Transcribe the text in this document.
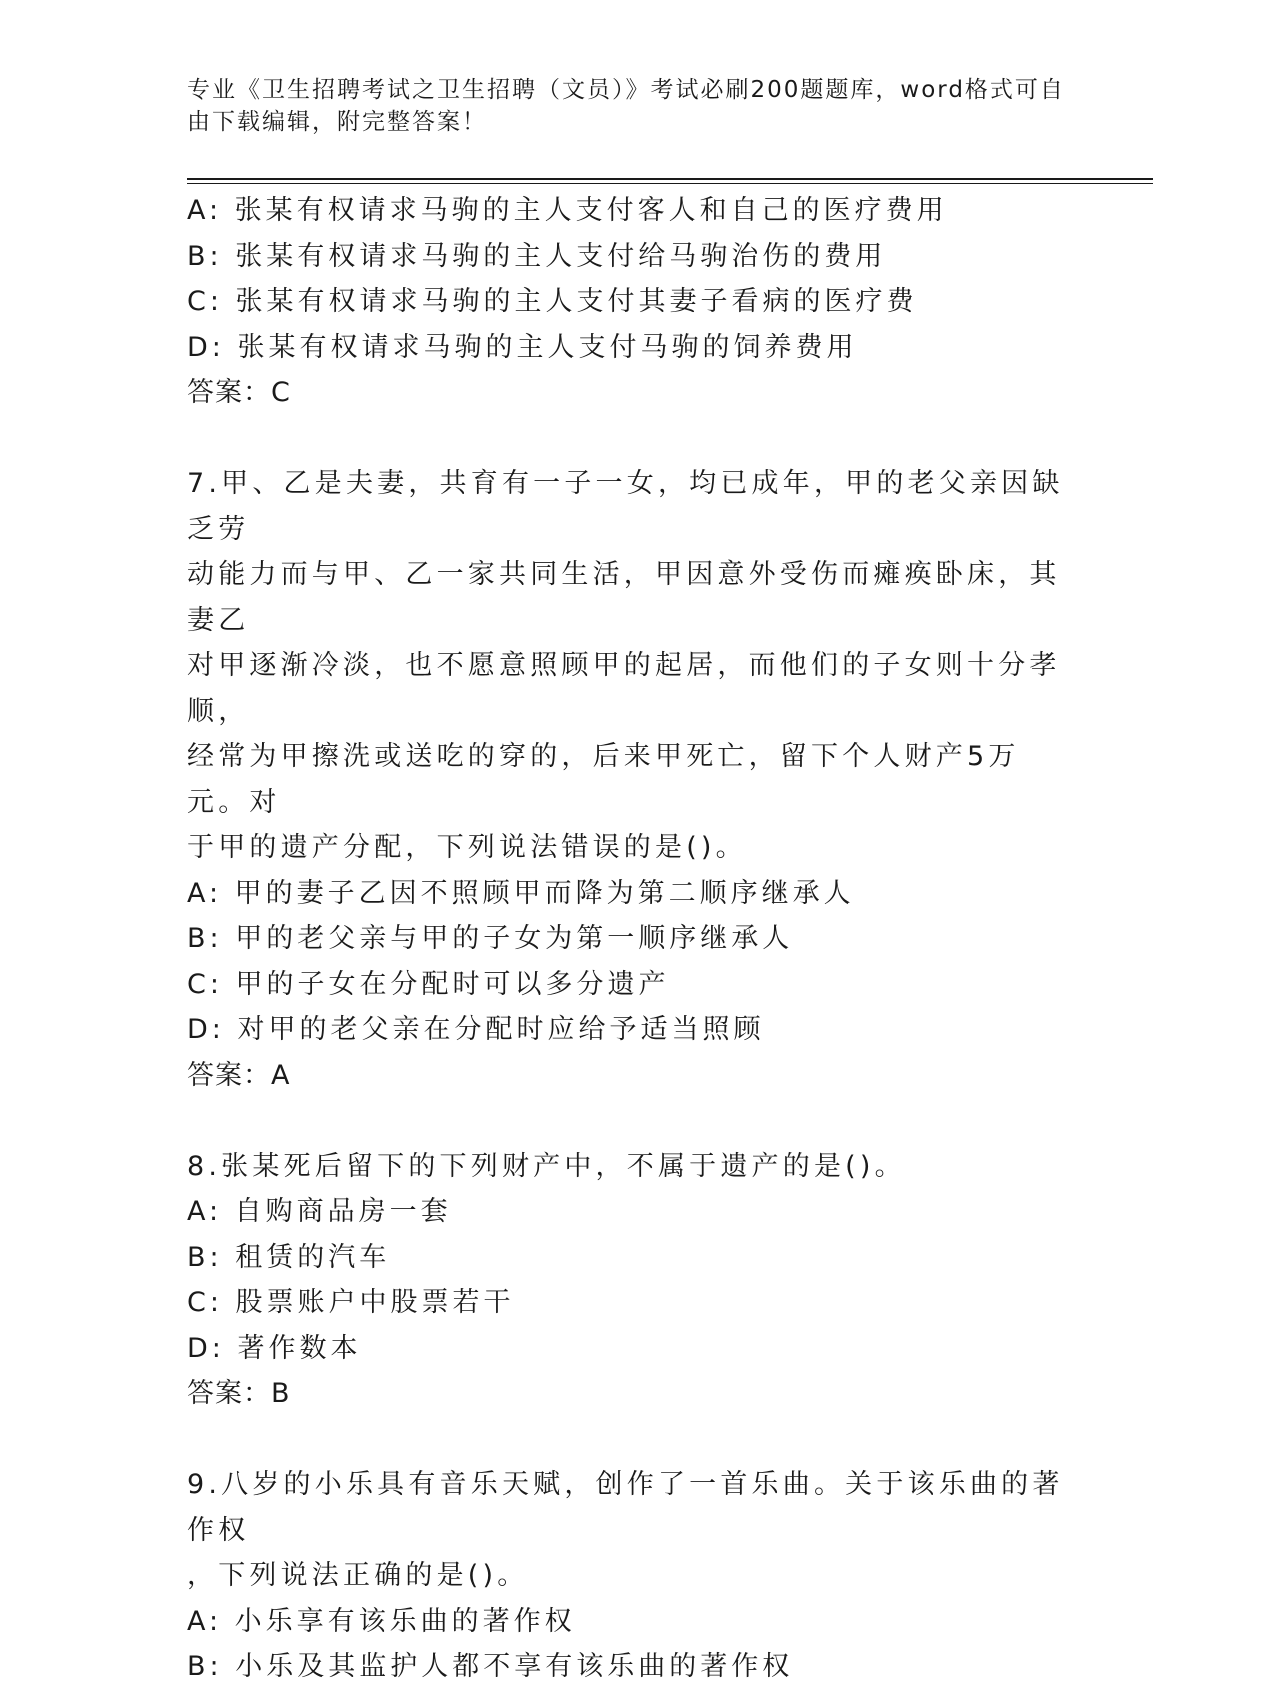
专业《卫生招聘考试之卫生招聘（文员）》考试必刷200题题库，word格式可自由下载编辑，附完整答案！
A: 张某有权请求马驹的主人支付客人和自己的医疗费用
B: 张某有权请求马驹的主人支付给马驹治伤的费用
C: 张某有权请求马驹的主人支付其妻子看病的医疗费
D: 张某有权请求马驹的主人支付马驹的饲养费用
答案：C
7.甲、乙是夫妻，共育有一子一女，均已成年，甲的老父亲因缺乏劳
动能力而与甲、乙一家共同生活，甲因意外受伤而瘫痪卧床，其妻乙
对甲逐渐冷淡，也不愿意照顾甲的起居，而他们的子女则十分孝顺，
经常为甲擦洗或送吃的穿的，后来甲死亡，留下个人财产5万元。对
于甲的遗产分配，下列说法错误的是()。
A: 甲的妻子乙因不照顾甲而降为第二顺序继承人
B: 甲的老父亲与甲的子女为第一顺序继承人
C: 甲的子女在分配时可以多分遗产
D: 对甲的老父亲在分配时应给予适当照顾
答案：A
8.张某死后留下的下列财产中，不属于遗产的是()。
A: 自购商品房一套
B: 租赁的汽车
C: 股票账户中股票若干
D: 著作数本
答案：B
9.八岁的小乐具有音乐天赋，创作了一首乐曲。关于该乐曲的著作权
，下列说法正确的是()。
A: 小乐享有该乐曲的著作权
B: 小乐及其监护人都不享有该乐曲的著作权
